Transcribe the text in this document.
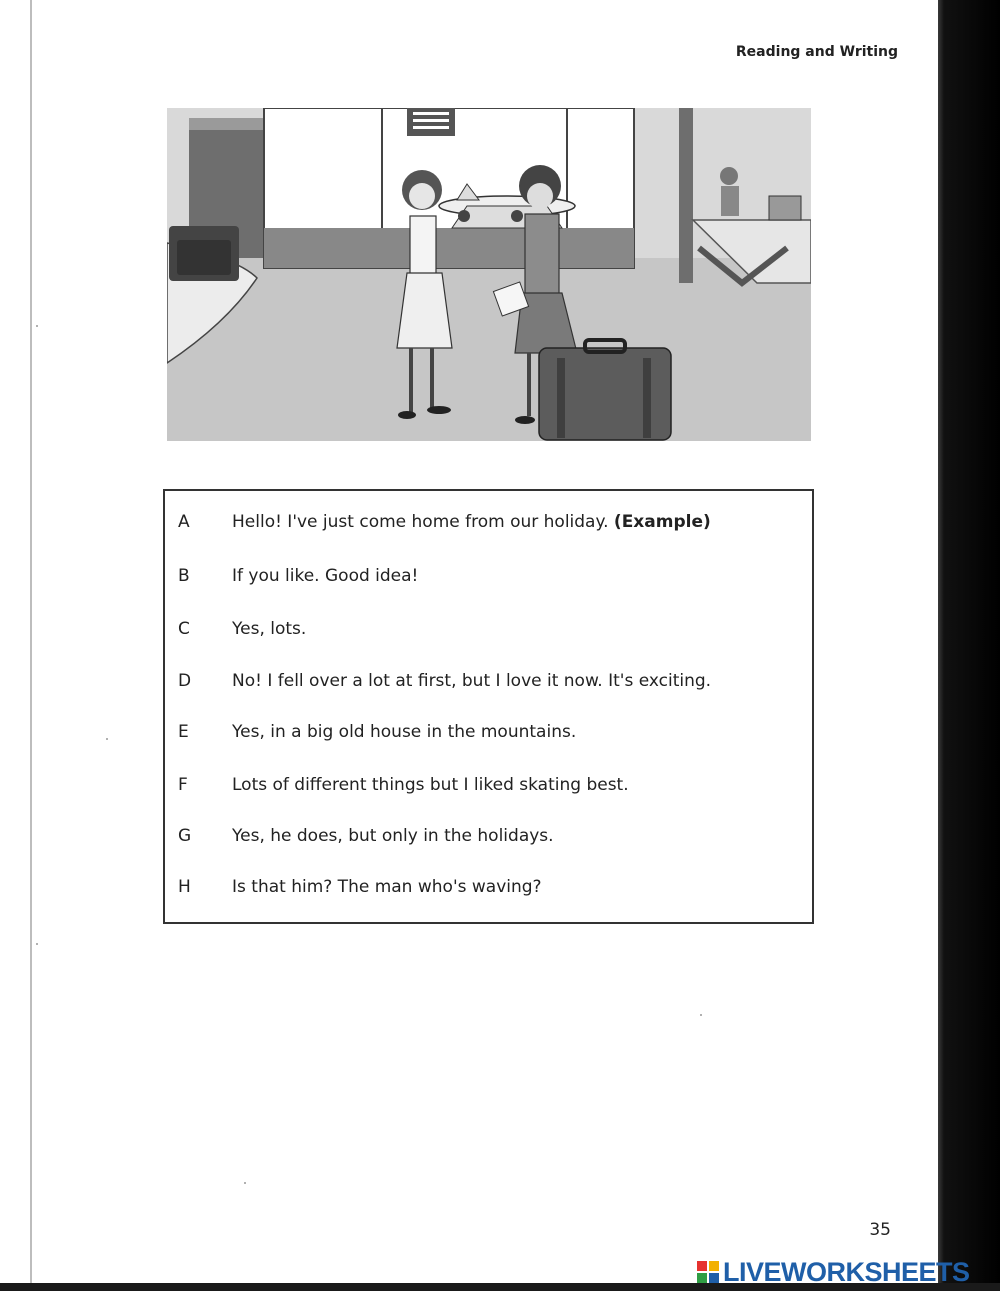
Reading and Writing
A Hello! I've just come home from our holiday. (Example)
B If you like. Good idea!
C Yes, lots.
D No! I fell over a lot at first, but I love it now. It's exciting.
E	Yes, in a big old house in the mountains.
F	Lots of different things but I liked skating best.
G Yes, he does, but only in the holidays.
H Is that him? The man who's waving?
35
LIVEWORKSHEETS
